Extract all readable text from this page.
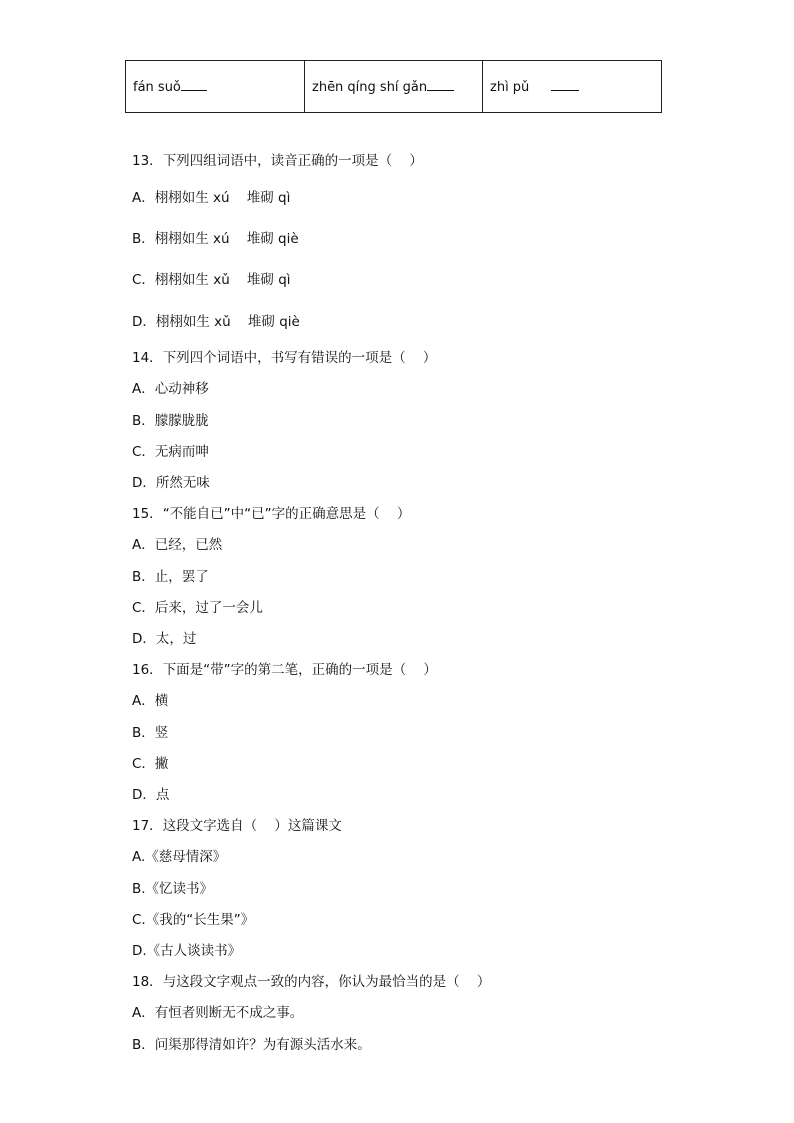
fán suǒ	zhēn qíng shí gǎn	zhì pǔ
13．下列四组词语中，读音正确的一项是（    ）
A．栩栩如生 xú    堆砌 qì
B．栩栩如生 xú    堆砌 qiè
C．栩栩如生 xǔ    堆砌 qì
D．栩栩如生 xǔ    堆砌 qiè
14．下列四个词语中，书写有错误的一项是（    ）
A．心动神移
B．朦朦胧胧
C．无病而呻
D．所然无味
15．“不能自已”中“已”字的正确意思是（    ）
A．已经，已然
B．止，罢了
C．后来，过了一会儿
D．太，过
16．下面是“带”字的第二笔，正确的一项是（    ）
A．横
B．竖
C．撇
D．点
17．这段文字选自（    ）这篇课文
A.《慈母情深》
B.《忆读书》
C.《我的“长生果”》
D.《古人谈读书》
18．与这段文字观点一致的内容，你认为最恰当的是（    ）
A．有恒者则断无不成之事。
B．问渠那得清如许？为有源头活水来。
